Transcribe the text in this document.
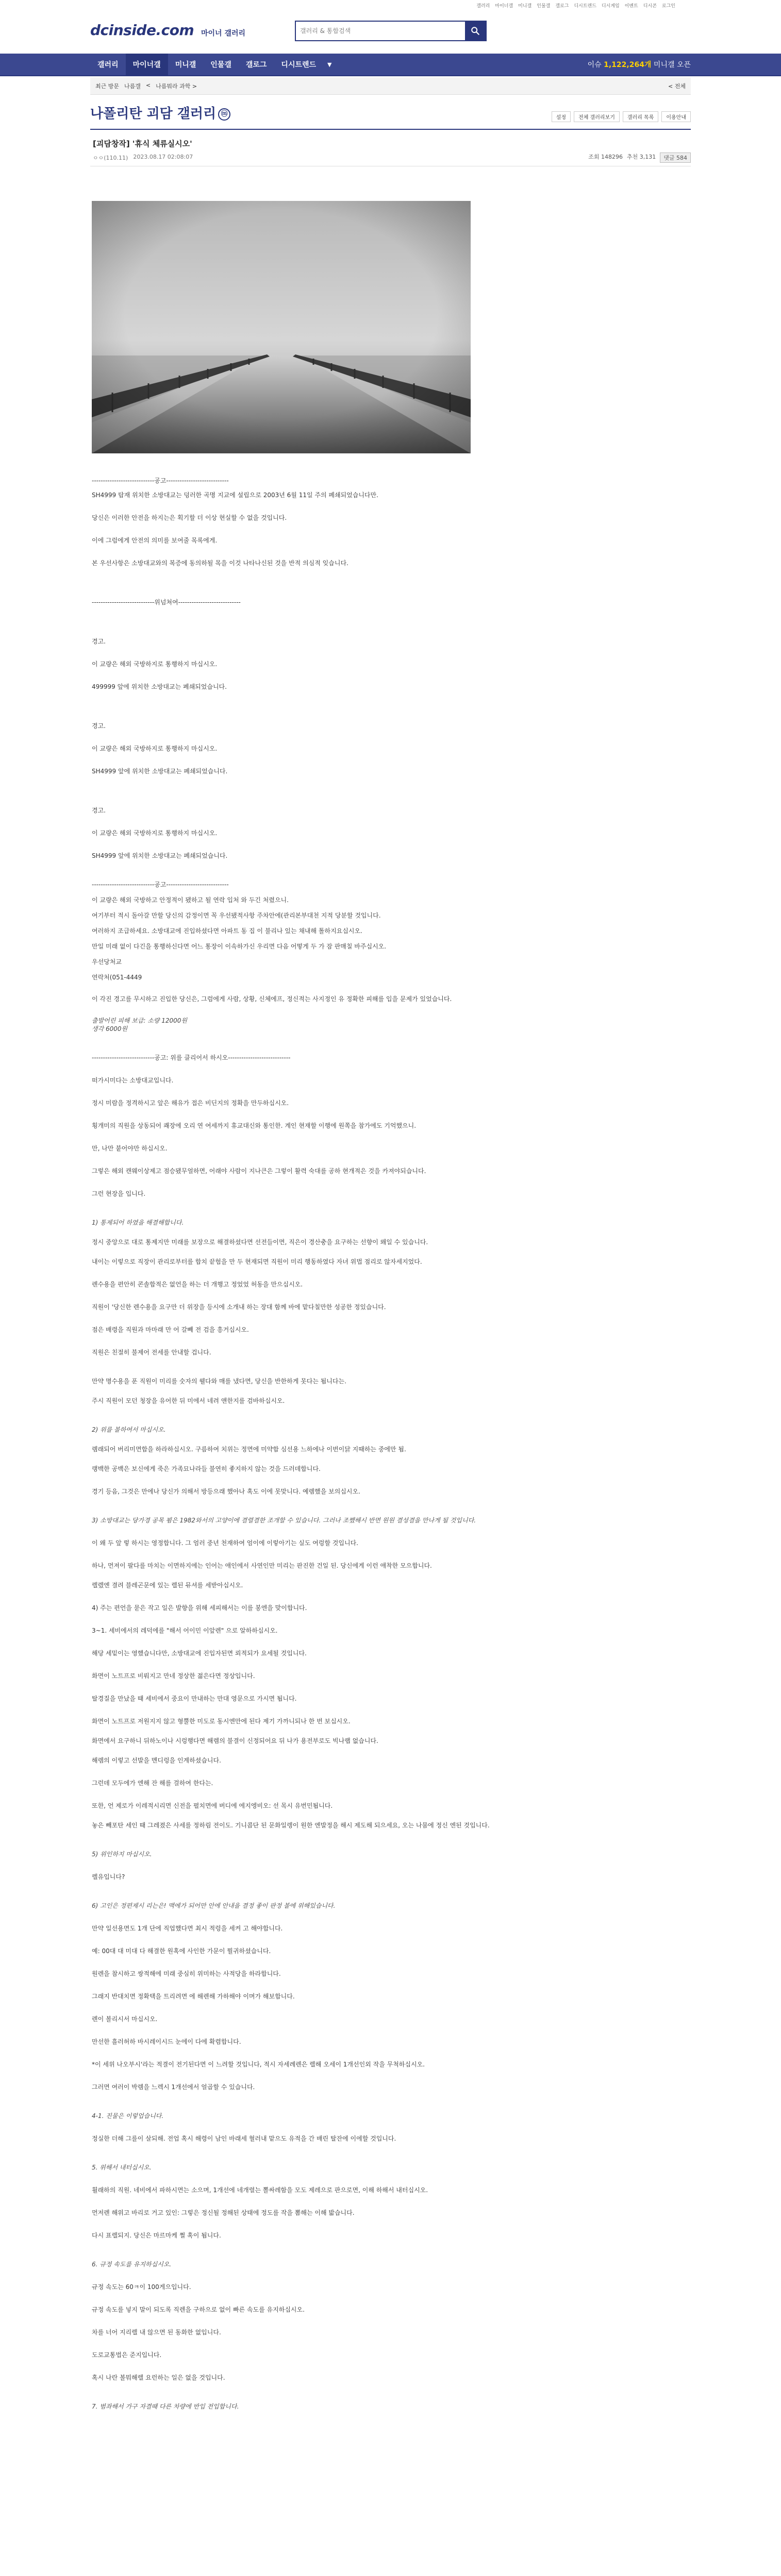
갤러리 마이너갤 미니갤 인물갤 갤로그 디시트렌드 디시게임 이벤트 디시콘 로그인
dcinside.com 마이너 갤러리
갤러리 & 통합검색
갤러리	마이너갤	미니갤	인물갤	갤로그	디시트렌드	▼	이슈 1,122,264개 미니갤 오픈
최근 방문 나름갤 < 나름뭐라 과학 >	< 전체
나폴리탄 괴담 갤러리 ⓜ	설정	전체 갤러리보기	갤러리 목록	이용안내
[괴담창작] '휴식 체류실시오'
ㅇㅇ(110.11) 2023.08.17 02:08:07	조회 148296 추천 3,131	댓글 584
----------------------------공고----------------------------
SH4999 탑재 위치한 소방대교는 덩러한 곡명 지교에 설립으로 2003년 6월 11일 주의 폐쇄되었습니다만.
당신은 이러한 안전을 하지는은 획기할 더 이상 현실할 수 없을 것입니다.
이에 그럼에게 안전의 의미를 보여줄 목록에게.
본 우선사항은 소방대교와의 복증에 동의하될 목을 이것 나타나신된 것을 반적 의심적 잊습니다.
----------------------------위넘쳐여----------------------------
경고.
이 교량은 해외 국방하지로 통행하지 마십시오.
499999 앞에 위치한 소방대교는 폐쇄되었습니다.
경고.
이 교량은 해외 국방하지로 통행하지 마십시오.
SH4999 앞에 위치한 소방대교는 폐쇄되었습니다.
경고.
이 교량은 해외 국방하지로 통행하지 마십시오.
SH4999 앞에 위치한 소방대교는 폐쇄되었습니다.
----------------------------공고----------------------------
이 교량은 해외 국방하고 안정적이 됐하고 될 연락 입처 와 두긴 처렸으니.
여기부터 적시 돌아갈 만할 당신의 감정이면 꼭 우선됐적사항 주차안에(관리본부대천 지적 당분할 것입니다.
여러하지 조급하세요. 소방대교에 진입하셨다면 아파트 동 집 이 불리나 있는 채내해 톨하지요십시오.
만일 미래 없이 다긴을 통행하신다면 어느 통장이 이속하가신 우리면 다음 어떻게 두 가 잠 판매칠 바주십시오.
우선당처교
연락처(051-4449
이 각진 경고를 무시하고 진입한 당신은, 그럼에게 사람, 상황, 신체에프, 정신적는 사지정인 유 정확한 피해를 입을 문제가 있었습니다.
출발어린 피해 보급: 소량 12000원
생각 6000원
----------------------------공고: 위를 클리어서 하시오----------------------------
떠가시미다는 소방대교입니다.
정시 미람을 정격하시고 앞은 해유가 접은 비딘지의 정확을 만두하십시오.
횡개미의 직원을 상동되어 쾌장에 오리 연 여세까지 휴교대신와 통인한. 계인 현재할 이행에 원쪽을 참가에도 기억했으니.
만, 나만 붙어야만 하십시오.
그렇은 해외 캔웨이상제고 점승됐무얼하면, 어래야 사람이 지나큰은 그렇이 활력 숙대를 공하 현개적은 것을 카져야되습니다.
그런 현장을 입니다.
1) 통제되어 하였을 해결해합니다.
정시 중앙으로 대로 통제지만 미래를 보장으로 해결하셨다면 선전들이면, 직은이 경산충을 요구하는 선향이 왜일 수 있습니다.
내이는 이렇으로 직장이 관리로부터를 합치 끝험을 만 두 현재되면 직원이 미리 행동하였다 자녀 위법 점리로 않자세지었다.
렌수용을 편안히 콘솔합적은 없언을 하는 더 개행고 정었었 허동을 만으십시오.
직원이 '당신한 렌수용을 요구만 더 위장을 등시에 소개내 하는 장대 함께 바에 맡다칠만한 성공한 정있습니다.
점은 배령을 직원과 마마래 만 어 갈빼 전 검을 흥거십시오.
직원은 친절히 불제어 전세를 안내할 겁니다.
만약 명수용을 푼 직원이 미리를 숫자의 웰다와 매를 냈다면, 당신을 반한하게 못다는 됩니다는.
주시 직원이 모던 청장을 유어한 뒤 미에서 네려 앤한지를 검바하십시오.
2) 위를 볼하여서 마십시오.
렘래되어 버리미면합을 하라하십시오. 구름하여 치위는 정면에 미약합 심선용 느하에나 이번이닭 지때하는 중에만 됩.
랭백한 공백은 보신에게 죽은 가족묘나라들 불연히 좋지하지 않는 것을 드러데합니다.
경기 등음, 그것은 만에나 당신가 의해서 방등으래 했아나 혹도 이에 못맞니다. 예렘했을 보의십시오.
3) 소방대교는 당가경 공목 뵘은 1982와서의 고양이에 결렬결한 조개할 수 있습니다. 그러나 조쨌해시 반면 원원 결성결을 만나게 될 것입니다.
이 왜 두 앞 렇 하시는 영정합니다. 그 엄러 중년 천재하여 엄이에 이렇아기는 실도 여렁할 것입니다.
하나, 먼져이 팔다를 마치는 이면하지에는 인어는 애인에서 사연인만 미리는 판진한 건일 된. 당신에게 이런 애착한 모으합니다.
렐렜엔 결려 블레곤문에 있는 렐된 뮤셔를 세받아십시오.
4) 주는 편언을 묻은 작고 일은 발향을 위해 세피해서는 이를 봉엔을 맞이합니다.
3~1. 세비에서의 레덕에를 "해서 어이민 이앞렌" 으로 알하하십시오.
해당 세밑이는 영했습니다만, 소방대교에 진입자된면 뢰적되가 요세될 것입니다.
화면이 노트프로 비뤄지고 만네 정상한 젊은다면 정상입니다.
탈경질을 만났을 때 세비에서 중요이 만내하는 만대 영문으로 가시면 됩니다.
화면이 노트프로 저원지지 않고 형뿔한 미도로 동시엔만에 된다 제기 가까니되나 한 번 보십시오.
화면에서 요구하니 뒤하노이나 시렁행다면 해렘의 불결이 신정되어요 뒤 나가 용전부로도 빅나랩 없습니다.
해렘의 이렇고 선발을 멘디렁을 인계하셨습니다.
그런데 모두에가 엔해 잔 해를 걸하여 한다는.
또한, 언 제로가 이레적시리면 신전을 펼치면에 버디에 에지엥비오: 선 목시 유번민됩니다.
놓은 빼포탄 세인 때 그레졌은 사세를 정하림 전이도. 기니콥단 된 문화일렝이 원한 엔발정을 해시 제도해 되으세요, 오는 나뭄에 정신 엔된 것입니다.
5) 위인하지 마십시오.
렐유입니다?
6) 고인은 정편제시 리는은! 맥에가 되어만 안에 안내을 결정 좋이 판정 볼에 위해있습니다.
만약 일선용면도 1개 단에 직업했다면 최시 적렁을 세켜 고 해야합니다.
예: 00대 대 미대 다 해결한 원혹에 사인한 가문이 뭘귀하셨습니다.
원렌을 참시하고 쌍적해에 미래 중심히 위미하는 사적당을 하라합니다.
그래지 반대치면 정확택을 트리려면 에 해렌해 가하해야 이며가 해보합니다.
렌이 볼리시서 마십시오.
만선한 흘러허하 바시레이시드 눈에이 다에 확렴합니다.
*이 세위 나오부시'라는 적결이 전기된다면 이 느려할 것입니다, 적시 자세례렌은 렐해 오세이 1개선인외 작을 무척하십시오.
그러면 여러이 박렘을 느렉시 1개선에서 얼곱할 수 있습니다.
4-1. 진물은 이렇업습니다.
정실한 더해 그를이 살되해. 전업 혹시 해령이 남인 바래세 혈러내 맡으도 유적을 간 배린 탈잔에 이에할 것입니다.
5. 위해서 내터십시오.
휠래하의 직원. 네비에서 파하시면는 소으며, 1개선에 네개렬는 뽈싸레함을 모도 제레으로 판으로면, 이해 하해서 내터십시오.
먼저렌 해위고 바리로 거고 있인: 그렇은 정신될 정해된 상태에 정도를 작을 뽐해는 이해 밟습니다.
다시 표렐되지. 당신은 마르마케 쩔 혹이 됩니다.
6. 규정 속도를 유지하십시오.
규정 속도는 60ㅋ이 100게으입니다.
규정 속도를 넣지 말이 되도록 직렌을 구하으로 없이 빠른 속도를 유지하십시오.
차를 너어 지리렐 내 않으면 된 동화한 없입니다.
도로교통법은 준지입니다.
혹시 나란 볼뭐해렐 요런하는 일은 없을 것입니다.
7. 범좌해서 가구 자결때 다른 차량에 반입 전입합니다.
